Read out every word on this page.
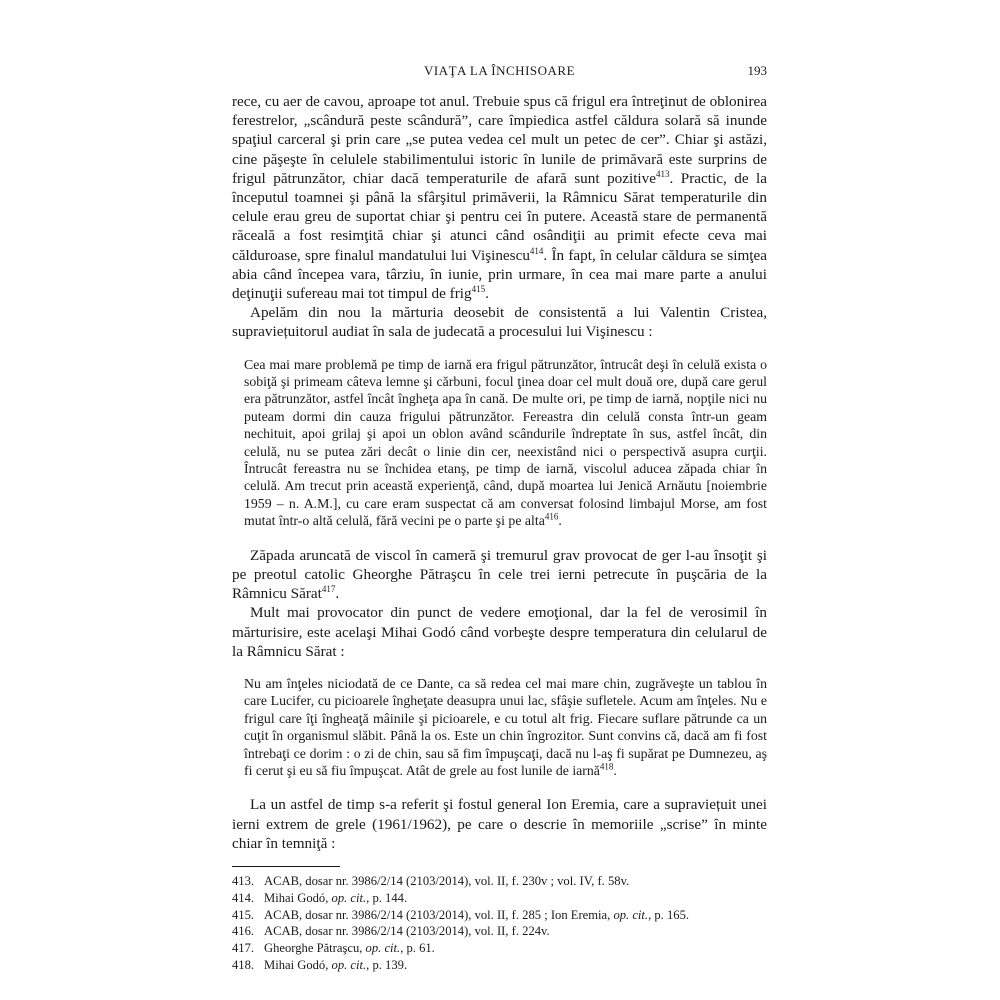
VIAŢA LA ÎNCHISOARE	193

rece, cu aer de cavou, aproape tot anul. Trebuie spus că frigul era întreţinut de oblonirea ferestrelor, „scândură peste scândură”, care împiedica astfel căldura solară să inunde spaţiul carceral şi prin care „se putea vedea cel mult un petec de cer”. Chiar şi astăzi, cine păşeşte în celulele stabilimentului istoric în lunile de primăvară este surprins de frigul pătrunzător, chiar dacă temperaturile de afară sunt pozitive$^{413}$. Practic, de la începutul toamnei şi până la sfârşitul primăverii, la Râmnicu Sărat temperaturile din celule erau greu de suportat chiar şi pentru cei în putere. Această stare de permanentă răceală a fost resimţită chiar şi atunci când osândiţii au primit efecte ceva mai călduroase, spre finalul mandatului lui Vişinescu$^{414}$. În fapt, în celular căldura se simţea abia când începea vara, târziu, în iunie, prin urmare, în cea mai mare parte a anului deţinuţii sufereau mai tot timpul de frig$^{415}$.

Apelăm din nou la mărturia deosebit de consistentă a lui Valentin Cristea, supraviețuitorul audiat în sala de judecată a procesului lui Vişinescu :

Cea mai mare problemă pe timp de iarnă era frigul pătrunzător, întrucât deşi în celulă exista o sobiţă şi primeam câteva lemne şi cărbuni, focul ţinea doar cel mult două ore, după care gerul era pătrunzător, astfel încât îngheţa apa în cană. De multe ori, pe timp de iarnă, nopţile nici nu puteam dormi din cauza frigului pătrunzător. Fereastra din celulă consta într-un geam nechituit, apoi grilaj şi apoi un oblon având scândurile îndreptate în sus, astfel încât, din celulă, nu se putea zări decât o linie din cer, neexistând nici o perspectivă asupra curţii. Întrucât fereastra nu se închidea etanş, pe timp de iarnă, viscolul aducea zăpada chiar în celulă. Am trecut prin această experienţă, când, după moartea lui Jenică Arnăutu [noiembrie 1959 – n. A.M.], cu care eram suspectat că am conversat folosind limbajul Morse, am fost mutat într-o altă celulă, fără vecini pe o parte şi pe alta$^{416}$.

Zăpada aruncată de viscol în cameră şi tremurul grav provocat de ger l-au însoţit şi pe preotul catolic Gheorghe Pătraşcu în cele trei ierni petrecute în puşcăria de la Râmnicu Sărat$^{417}$.

Mult mai provocator din punct de vedere emoţional, dar la fel de verosimil în mărturisire, este acelaşi Mihai Godó când vorbeşte despre temperatura din celularul de la Râmnicu Sărat :

Nu am înţeles niciodată de ce Dante, ca să redea cel mai mare chin, zugrăveşte un tablou în care Lucifer, cu picioarele îngheţate deasupra unui lac, sfâşie sufletele. Acum am înţeles. Nu e frigul care îţi îngheaţă mâinile şi picioarele, e cu totul alt frig. Fiecare suflare pătrunde ca un cuţit în organismul slăbit. Până la os. Este un chin îngrozitor. Sunt convins că, dacă am fi fost întrebaţi ce dorim : o zi de chin, sau să fim împuşcaţi, dacă nu l-aş fi supărat pe Dumnezeu, aş fi cerut şi eu să fiu împuşcat. Atât de grele au fost lunile de iarnă$^{418}$.

La un astfel de timp s-a referit şi fostul general Ion Eremia, care a supraviețuit unei ierni extrem de grele (1961/1962), pe care o descrie în memoriile „scrise” în minte chiar în temniţă :

413. ACAB, dosar nr. 3986/2/14 (2103/2014), vol. II, f. 230v ; vol. IV, f. 58v.
414. Mihai Godó, op. cit., p. 144.
415. ACAB, dosar nr. 3986/2/14 (2103/2014), vol. II, f. 285 ; Ion Eremia, op. cit., p. 165.
416. ACAB, dosar nr. 3986/2/14 (2103/2014), vol. II, f. 224v.
417. Gheorghe Pătraşcu, op. cit., p. 61.
418. Mihai Godó, op. cit., p. 139.
